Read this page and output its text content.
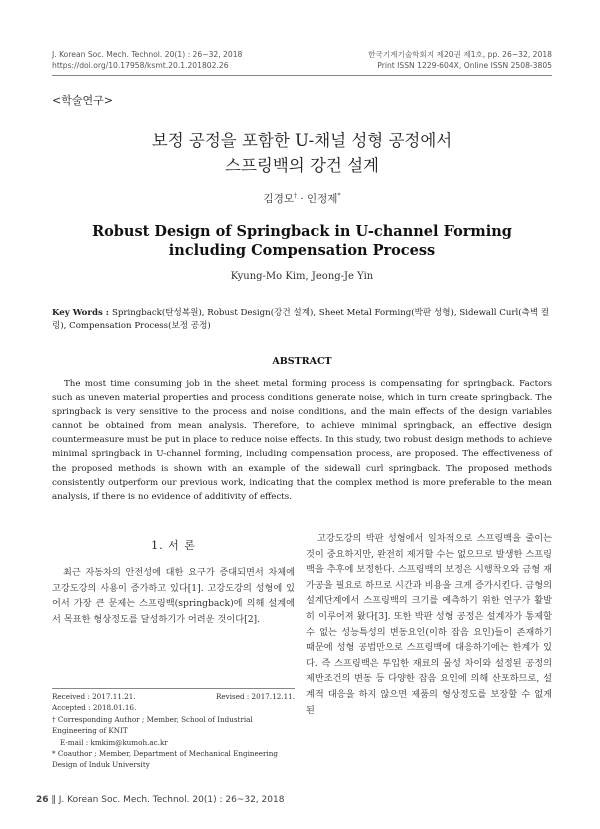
J. Korean Soc. Mech. Technol. 20(1) : 26~32, 2018
https://doi.org/10.17958/ksmt.20.1.201802.26
한국기계기술학회지 제20권 제1호, pp. 26~32, 2018
Print ISSN 1229-604X, Online ISSN 2508-3805
<학술연구>
보정 공정을 포함한 U-채널 성형 공정에서
스프링백의 강건 설계
김경모† · 인정제*
Robust Design of Springback in U-channel Forming
including Compensation Process
Kyung-Mo Kim, Jeong-Je Yin
Key Words : Springback(탄성복원), Robust Design(강건 설계), Sheet Metal Forming(박판 성형), Sidewall Curl(측벽 컬링), Compensation Process(보정 공정)
ABSTRACT
The most time consuming job in the sheet metal forming process is compensating for springback. Factors such as uneven material properties and process conditions generate noise, which in turn create springback. The springback is very sensitive to the process and noise conditions, and the main effects of the design variables cannot be obtained from mean analysis. Therefore, to achieve minimal springback, an effective design countermeasure must be put in place to reduce noise effects. In this study, two robust design methods to achieve minimal springback in U-channel forming, including compensation process, are proposed. The effectiveness of the proposed methods is shown with an example of the sidewall curl springback. The proposed methods consistently outperform our previous work, indicating that the complex method is more preferable to the mean analysis, if there is no evidence of additivity of effects.
1. 서 론
최근 자동차의 안전성에 대한 요구가 증대되면서 차체에 고강도강의 사용이 증가하고 있다[1]. 고강도강의 성형에 있어서 가장 큰 문제는 스프링백(springback)에 의해 설계에서 목표한 형상정도를 달성하기가 어려운 것이다[2].
Received : 2017.11.21.	Revised : 2017.12.11.
Accepted : 2018.01.16.
† Corresponding Author ; Member, School of Industrial Engineering of KNIT
E-mail : kmkim@kumoh.ac.kr
* Coauthor ; Member, Department of Mechanical Engineering Design of Induk University
고강도강의 박판 성형에서 일차적으로 스프링백을 줄이는 것이 중요하지만, 완전히 제거할 수는 없으므로 발생한 스프링백을 추후에 보정한다. 스프링백의 보정은 시행착오와 금형 재가공을 필요로 하므로 시간과 비용을 크게 증가시킨다. 금형의 설계단계에서 스프링백의 크기를 예측하기 위한 연구가 활발히 이루어져 왔다[3]. 또한 박판 성형 공정은 설계자가 통제할 수 없는 성능특성의 변동요인(이하 잡음 요인)들이 존재하기 때문에 성형 공법만으로 스프링백에 대응하기에는 한계가 있다. 즉 스프링백은 투입한 재료의 물성 차이와 설정된 공정의 제반조건의 변동 등 다양한 잡음 요인에 의해 산포하므로, 설계적 대응을 하지 않으면 제품의 형상정도를 보장할 수 없게 된
26 ‖ J. Korean Soc. Mech. Technol. 20(1) : 26~32, 2018
